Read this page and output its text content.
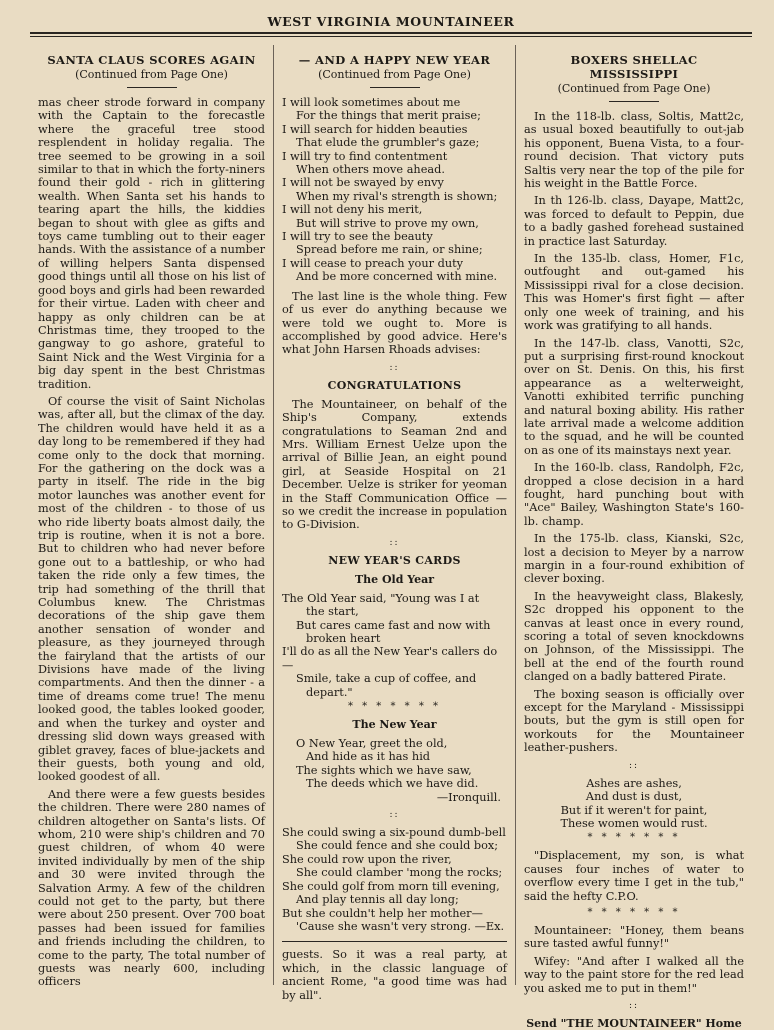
WEST VIRGINIA MOUNTAINEER
SANTA CLAUS SCORES AGAIN
(Continued from Page One)

mas cheer strode forward in company with the Captain to the forecastle where the graceful tree stood resplendent in holiday regalia. The tree seemed to be growing in a soil similar to that in which the forty-niners found their gold - rich in glittering wealth. When Santa set his hands to tearing apart the hills, the kiddies began to shout with glee as gifts and toys came tumbling out to their eager hands. With the assistance of a number of willing helpers Santa dispensed good things until all those on his list of good boys and girls had been rewarded for their virtue. Laden with cheer and happy as only children can be at Christmas time, they trooped to the gangway to go ashore, grateful to Saint Nick and the West Virginia for a big day spent in the best Christmas tradition.

Of course the visit of Saint Nicholas was, after all, but the climax of the day. The children would have held it as a day long to be remembered if they had come only to the dock that morning. For the gathering on the dock was a party in itself. The ride in the big motor launches was another event for most of the children - to those of us who ride liberty boats almost daily, the trip is routine, when it is not a bore. But to children who had never before gone out to a battleship, or who had taken the ride only a few times, the trip had something of the thrill that Columbus knew. The Christmas decorations of the ship gave them another sensation of wonder and pleasure, as they journeyed through the fairyland that the artists of our Divisions have made of the living compartments. And then the dinner - a time of dreams come true! The menu looked good, the tables looked gooder, and when the turkey and oyster and dressing slid down ways greased with giblet gravey, faces of blue-jackets and their guests, both young and old, looked goodest of all.

And there were a few guests besides the children. There were 280 names of children altogether on Santa's lists. Of whom, 210 were ship's children and 70 guest children, of whom 40 were invited individually by men of the ship and 30 were invited through the Salvation Army. A few of the children could not get to the party, but there were about 250 present. Over 700 boat passes had been issued for families and friends including the children, to come to the party, The total number of guests was nearly 600, including officers

— AND A HAPPY NEW YEAR
(Continued from Page One)
I will look sometimes about me
For the things that merit praise;
I will search for hidden beauties
That elude the grumbler's gaze;
I will try to find contentment
When others move ahead.
I will not be swayed by envy
When my rival's strength is shown;
I will not deny his merit,
But will strive to prove my own,
I will try to see the beauty
Spread before me rain, or shine;
I will cease to preach your duty
And be more concerned with mine.

The last line is the whole thing. Few of us ever do anything because we were told we ought to. More is accomplished by good advice. Here's what John Harsen Rhoads advises:

::
CONGRATULATIONS

The Mountaineer, on behalf of the Ship's Company, extends congratulations to Seaman 2nd and Mrs. William Ernest Uelze upon the arrival of Billie Jean, an eight pound girl, at Seaside Hospital on 21 December. Uelze is striker for yeoman in the Staff Communication Office — so we credit the increase in population to G-Division.

::
NEW YEAR'S CARDS
The Old Year
The Old Year said, "Young was I at
the start,
But cares came fast and now with
broken heart
I'll do as all the New Year's callers do —
Smile, take a cup of coffee, and
depart."
* * * * * * *
The New Year
O New Year, greet the old,
And hide as it has hid
The sights which we have saw,
The deeds which we have did.
—Ironquill.
::
She could swing a six-pound dumb-bell
She could fence and she could box;
She could row upon the river,
She could clamber 'mong the rocks;
She could golf from morn till evening,
And play tennis all day long;
But she couldn't help her mother—
'Cause she wasn't very strong. —Ex.

guests. So it was a real party, at which, in the classic language of ancient Rome, "a good time was had by all".

BOXERS SHELLAC MISSISSIPPI
(Continued from Page One)

In the 118-lb. class, Soltis, Matt2c, as usual boxed beautifully to out-jab his opponent, Buena Vista, to a four-round decision. That victory puts Saltis very near the top of the pile for his weight in the Battle Force.

In th 126-lb. class, Dayape, Matt2c, was forced to default to Peppin, due to a badly gashed forehead sustained in practice last Saturday.

In the 135-lb. class, Homer, F1c, outfought and out-gamed his Mississippi rival for a close decision. This was Homer's first fight — after only one week of training, and his work was gratifying to all hands.

In the 147-lb. class, Vanotti, S2c, put a surprising first-round knockout over on St. Denis. On this, his first appearance as a welterweight, Vanotti exhibited terrific punching and natural boxing ability. His rather late arrival made a welcome addition to the squad, and he will be counted on as one of its mainstays next year.

In the 160-lb. class, Randolph, F2c, dropped a close decision in a hard fought, hard punching bout with "Ace" Bailey, Washington State's 160-lb. champ.

In the 175-lb. class, Kianski, S2c, lost a decision to Meyer by a narrow margin in a four-round exhibition of clever boxing.

In the heavyweight class, Blakesly, S2c dropped his opponent to the canvas at least once in every round, scoring a total of seven knockdowns on Johnson, of the Mississippi. The bell at the end of the fourth round clanged on a badly battered Pirate.

The boxing season is officially over except for the Maryland - Mississippi bouts, but the gym is still open for workouts for the Mountaineer leather-pushers.

::
Ashes are ashes,
And dust is dust,
But if it weren't for paint,
These women would rust.
* * * * * * *

"Displacement, my son, is what causes four inches of water to overflow every time I get in the tub," said the hefty C.P.O.

* * * * * * *

Mountaineer: "Honey, them beans sure tasted awful funny!"

Wifey: "And after I walked all the way to the paint store for the red lead you asked me to put in them!"

::
Send "THE MOUNTAINEER" Home
